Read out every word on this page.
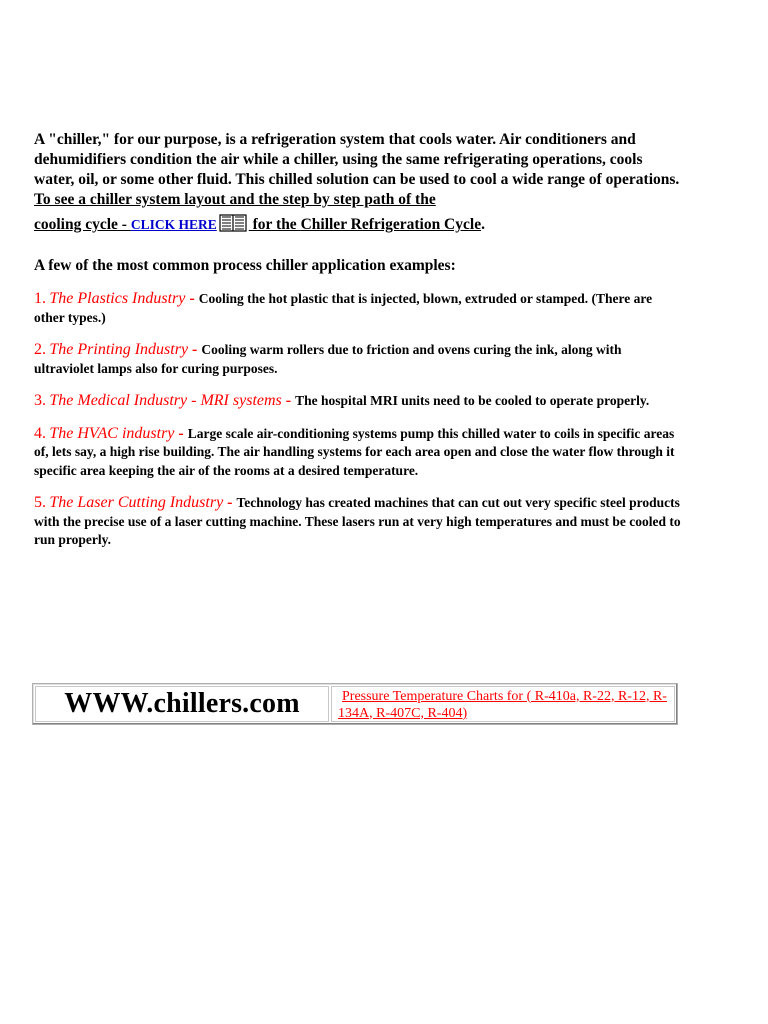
A "chiller," for our purpose, is a refrigeration system that cools water. Air conditioners and dehumidifiers condition the air while a chiller, using the same refrigerating operations, cools water, oil, or some other fluid. This chilled solution can be used to cool a wide range of operations. To see a chiller system layout and the step by step path of the
cooling cycle - CLICK HERE for the Chiller Refrigeration Cycle.

A few of the most common process chiller application examples:

1. The Plastics Industry - Cooling the hot plastic that is injected, blown, extruded or stamped. (There are other types.)

2. The Printing Industry - Cooling warm rollers due to friction and ovens curing the ink, along with ultraviolet lamps also for curing purposes.

3. The Medical Industry - MRI systems - The hospital MRI units need to be cooled to operate properly.

4. The HVAC industry - Large scale air-conditioning systems pump this chilled water to coils in specific areas of, lets say, a high rise building. The air handling systems for each area open and close the water flow through it specific area keeping the air of the rooms at a desired temperature.

5. The Laser Cutting Industry - Technology has created machines that can cut out very specific steel products with the precise use of a laser cutting machine. These lasers run at very high temperatures and must be cooled to run properly.

WWW.chillers.com	Pressure Temperature Charts for ( R-410a, R-22, R-12, R-134A, R-407C, R-404)
